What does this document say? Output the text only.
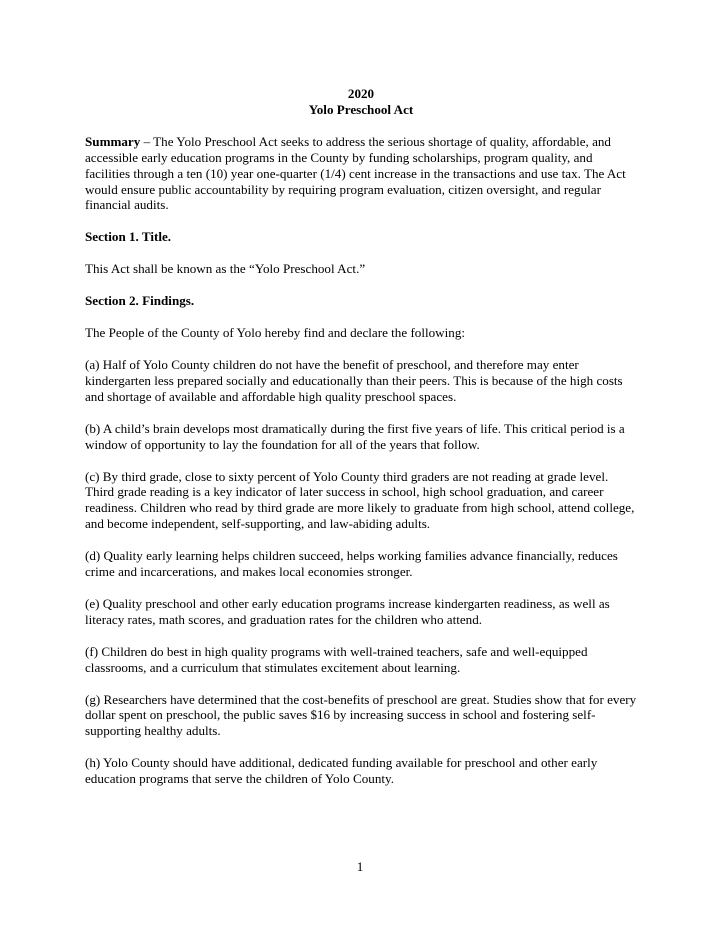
2020
Yolo Preschool Act

Summary – The Yolo Preschool Act seeks to address the serious shortage of quality, affordable, and accessible early education programs in the County by funding scholarships, program quality, and facilities through a ten (10) year one-quarter (1/4) cent increase in the transactions and use tax. The Act would ensure public accountability by requiring program evaluation, citizen oversight, and regular financial audits.

Section 1. Title.

This Act shall be known as the “Yolo Preschool Act.”

Section 2. Findings.

The People of the County of Yolo hereby find and declare the following:

(a) Half of Yolo County children do not have the benefit of preschool, and therefore may enter kindergarten less prepared socially and educationally than their peers. This is because of the high costs and shortage of available and affordable high quality preschool spaces.

(b) A child’s brain develops most dramatically during the first five years of life. This critical period is a window of opportunity to lay the foundation for all of the years that follow.

(c) By third grade, close to sixty percent of Yolo County third graders are not reading at grade level. Third grade reading is a key indicator of later success in school, high school graduation, and career readiness. Children who read by third grade are more likely to graduate from high school, attend college, and become independent, self-supporting, and law-abiding adults.

(d) Quality early learning helps children succeed, helps working families advance financially, reduces crime and incarcerations, and makes local economies stronger.

(e) Quality preschool and other early education programs increase kindergarten readiness, as well as literacy rates, math scores, and graduation rates for the children who attend.

(f) Children do best in high quality programs with well-trained teachers, safe and well-equipped classrooms, and a curriculum that stimulates excitement about learning.

(g) Researchers have determined that the cost-benefits of preschool are great. Studies show that for every dollar spent on preschool, the public saves $16 by increasing success in school and fostering self-supporting healthy adults.

(h) Yolo County should have additional, dedicated funding available for preschool and other early education programs that serve the children of Yolo County.

1
